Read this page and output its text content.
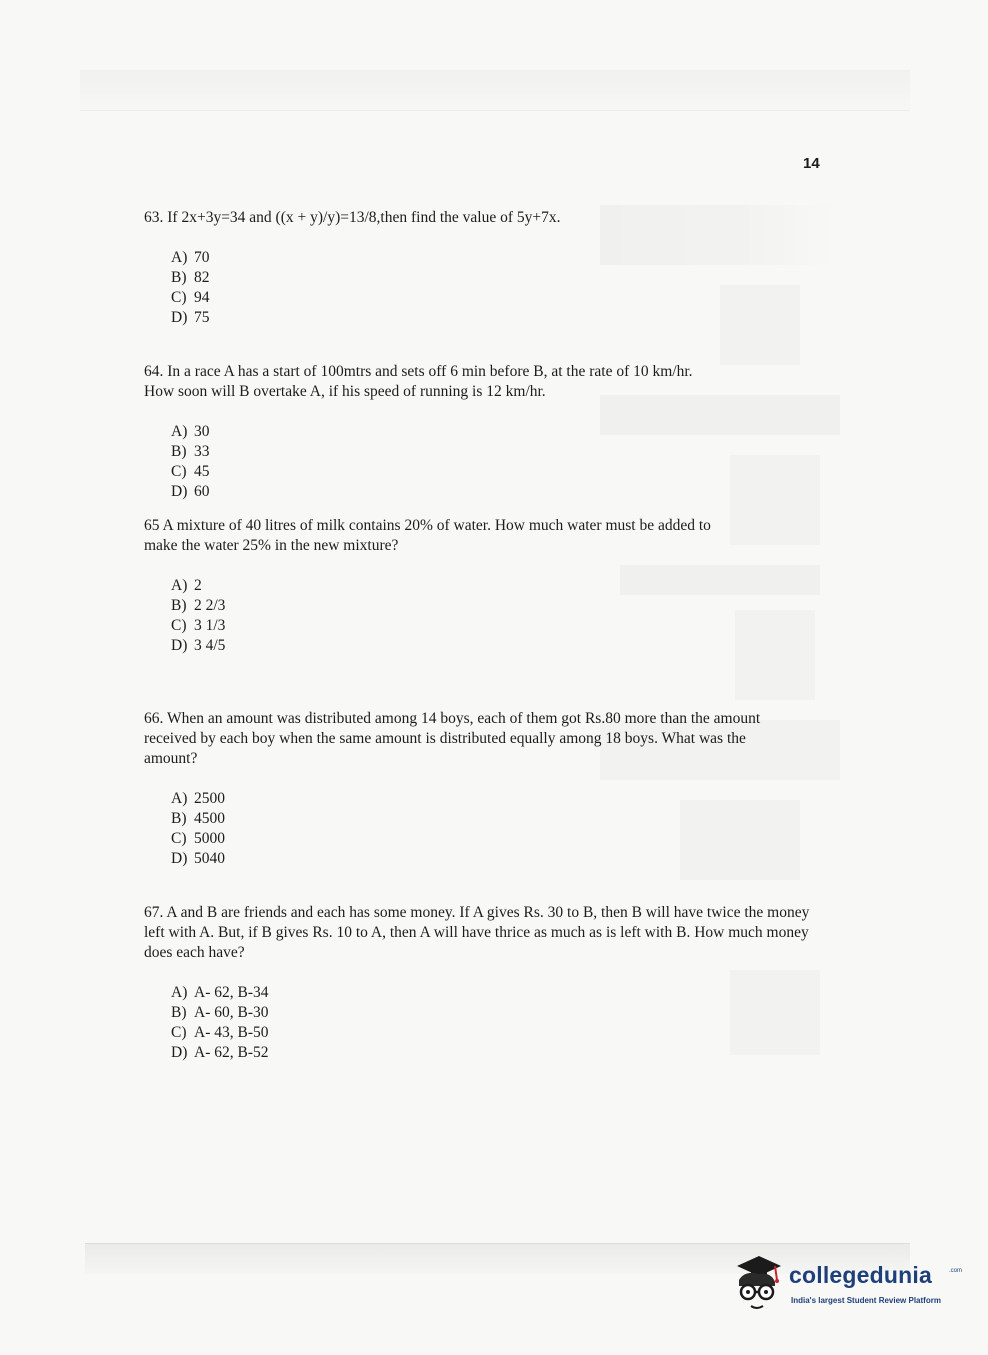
14

63. If 2x+3y=34 and ((x + y)/y)=13/8,then find the value of 5y+7x.

A) 70
B) 82
C) 94
D) 75

64. In a race A has a start of 100mtrs and sets off 6 min before B, at the rate of 10 km/hr. How soon will B overtake A, if his speed of running is 12 km/hr.

A) 30
B) 33
C) 45
D) 60

65 A mixture of 40 litres of milk contains 20% of water. How much water must be added to make the water 25% in the new mixture?

A) 2
B) 2 2/3
C) 3 1/3
D) 3 4/5

66. When an amount was distributed among 14 boys, each of them got Rs.80 more than the amount received by each boy when the same amount is distributed equally among 18 boys. What was the amount?

A) 2500
B) 4500
C) 5000
D) 5040

67. A and B are friends and each has some money. If A gives Rs. 30 to B, then B will have twice the money left with A. But, if B gives Rs. 10 to A, then A will have thrice as much as is left with B. How much money does each have?

A) A- 62, B-34
B) A- 60, B-30
C) A- 43, B-50
D) A- 62, B-52
collegedunia	.com
India's largest Student Review Platform
